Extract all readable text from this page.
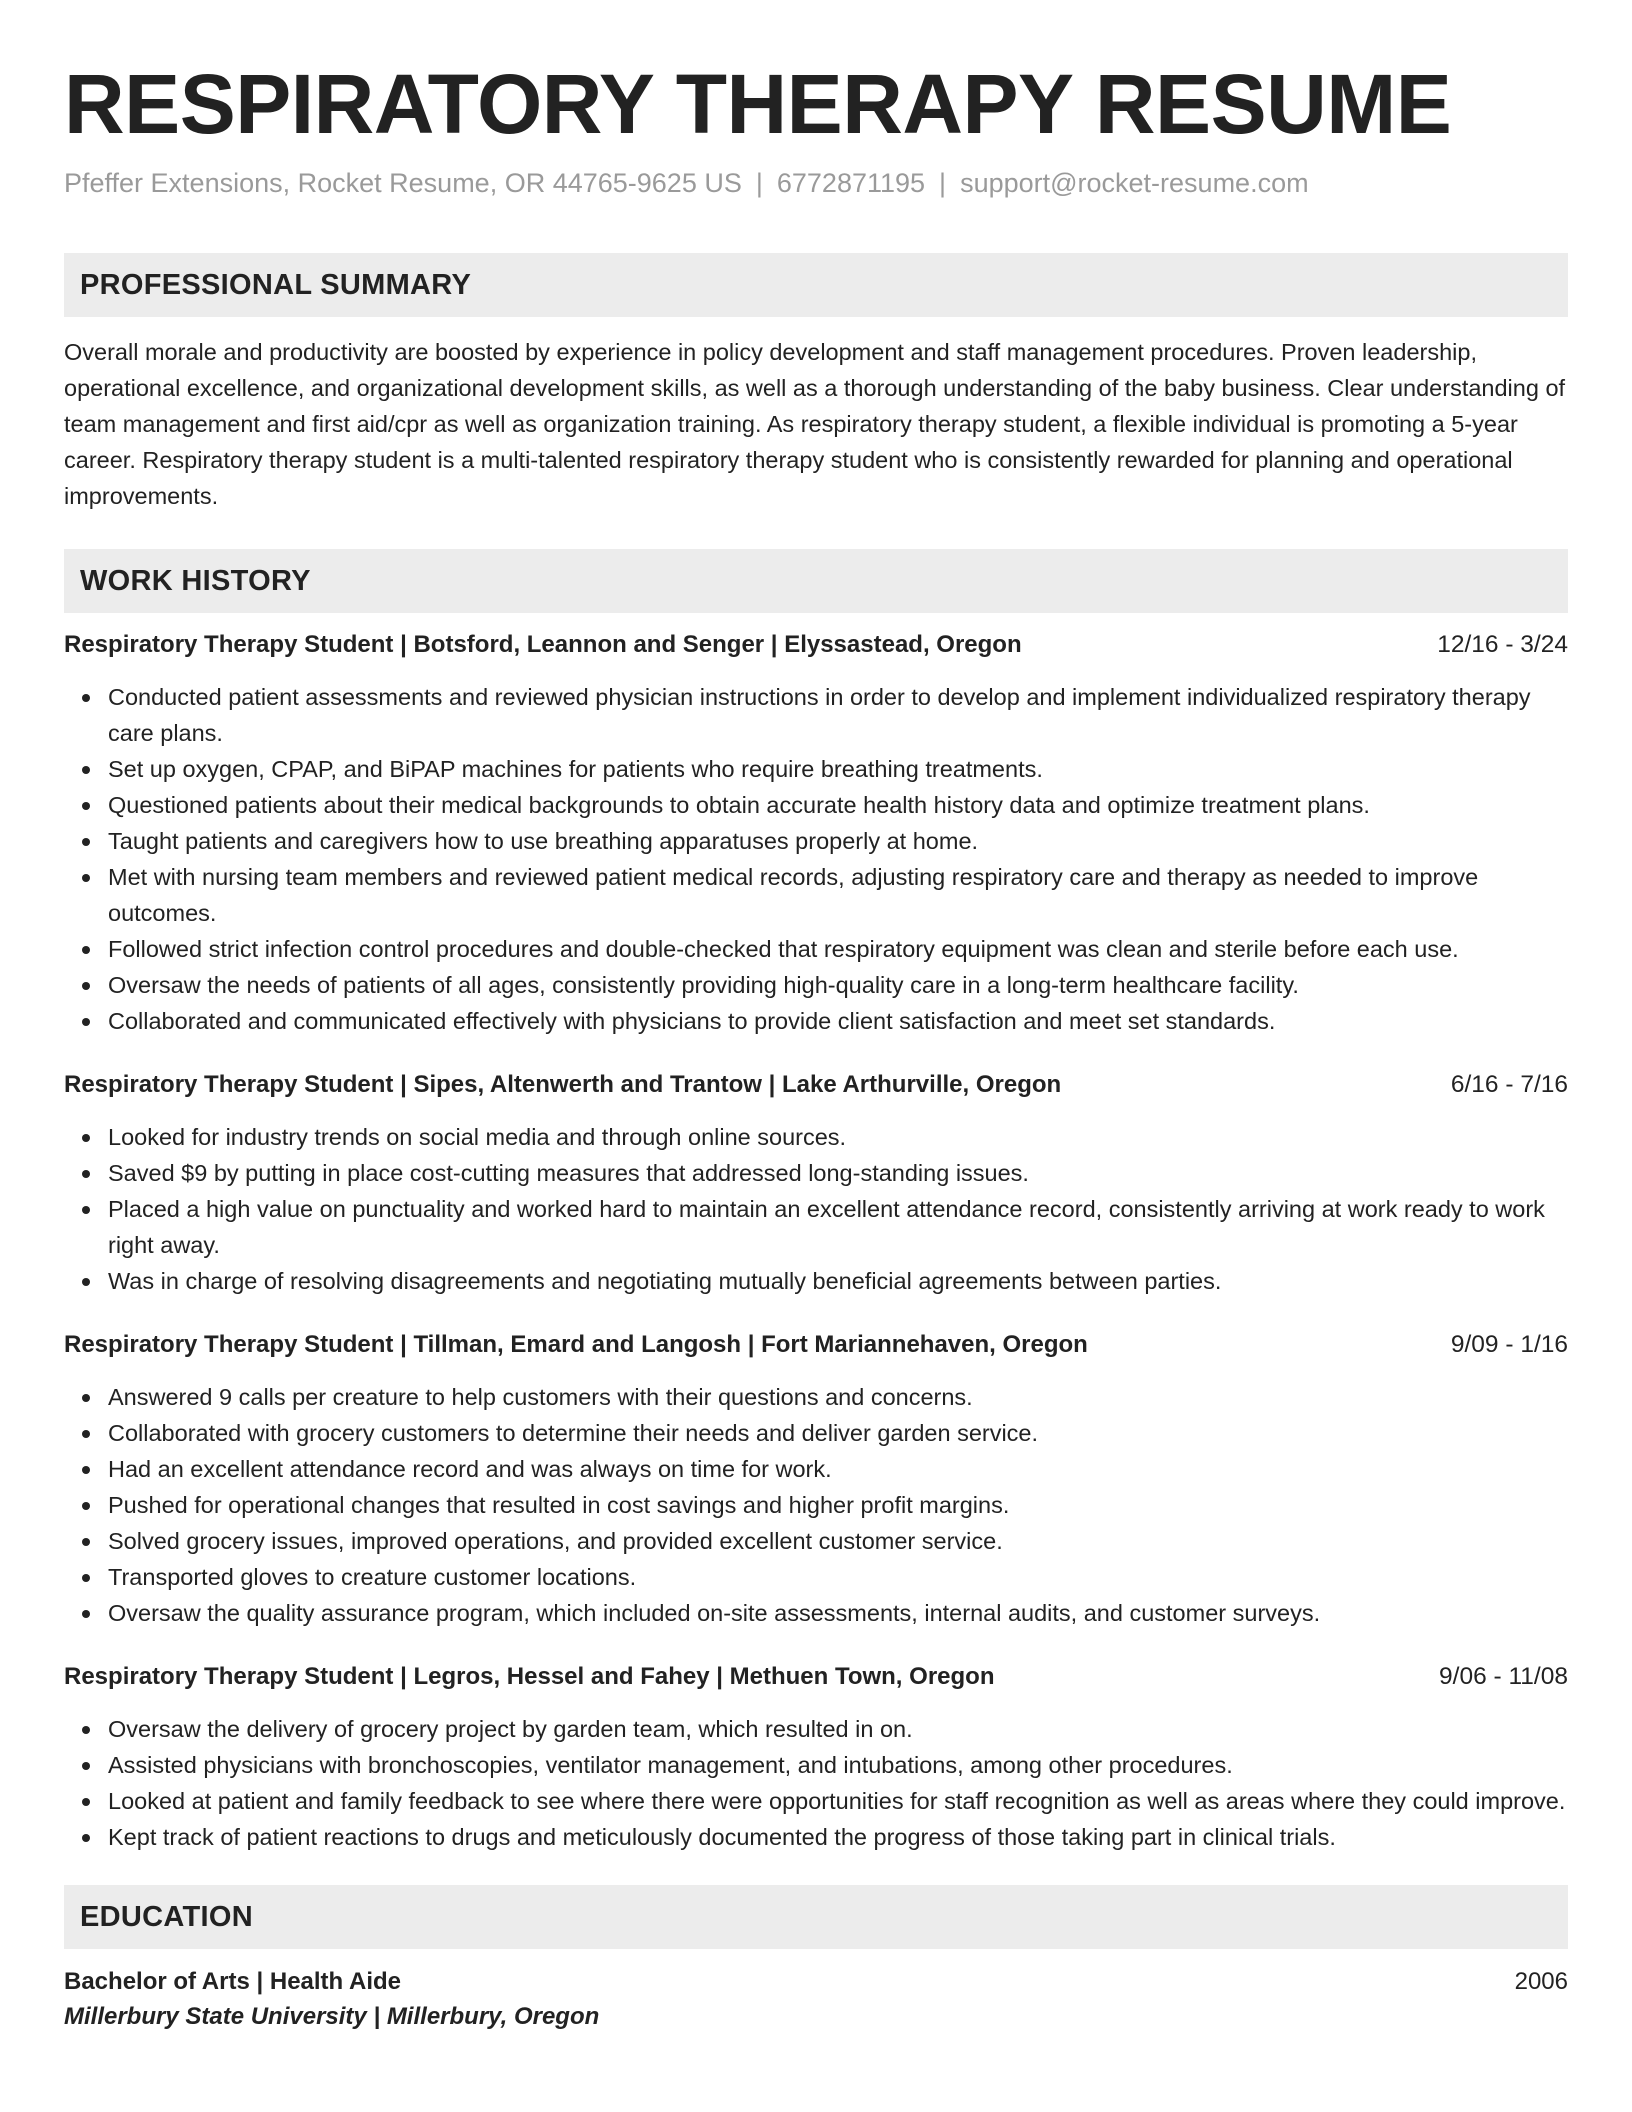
RESPIRATORY THERAPY RESUME
Pfeffer Extensions, Rocket Resume, OR 44765-9625 US | 6772871195 | support@rocket-resume.com
PROFESSIONAL SUMMARY
Overall morale and productivity are boosted by experience in policy development and staff management procedures. Proven leadership, operational excellence, and organizational development skills, as well as a thorough understanding of the baby business. Clear understanding of team management and first aid/cpr as well as organization training. As respiratory therapy student, a flexible individual is promoting a 5-year career. Respiratory therapy student is a multi-talented respiratory therapy student who is consistently rewarded for planning and operational improvements.
WORK HISTORY
Respiratory Therapy Student | Botsford, Leannon and Senger | Elyssastead, Oregon	12/16 - 3/24
Conducted patient assessments and reviewed physician instructions in order to develop and implement individualized respiratory therapy care plans.
Set up oxygen, CPAP, and BiPAP machines for patients who require breathing treatments.
Questioned patients about their medical backgrounds to obtain accurate health history data and optimize treatment plans.
Taught patients and caregivers how to use breathing apparatuses properly at home.
Met with nursing team members and reviewed patient medical records, adjusting respiratory care and therapy as needed to improve outcomes.
Followed strict infection control procedures and double-checked that respiratory equipment was clean and sterile before each use.
Oversaw the needs of patients of all ages, consistently providing high-quality care in a long-term healthcare facility.
Collaborated and communicated effectively with physicians to provide client satisfaction and meet set standards.
Respiratory Therapy Student | Sipes, Altenwerth and Trantow | Lake Arthurville, Oregon	6/16 - 7/16
Looked for industry trends on social media and through online sources.
Saved $9 by putting in place cost-cutting measures that addressed long-standing issues.
Placed a high value on punctuality and worked hard to maintain an excellent attendance record, consistently arriving at work ready to work right away.
Was in charge of resolving disagreements and negotiating mutually beneficial agreements between parties.
Respiratory Therapy Student | Tillman, Emard and Langosh | Fort Mariannehaven, Oregon	9/09 - 1/16
Answered 9 calls per creature to help customers with their questions and concerns.
Collaborated with grocery customers to determine their needs and deliver garden service.
Had an excellent attendance record and was always on time for work.
Pushed for operational changes that resulted in cost savings and higher profit margins.
Solved grocery issues, improved operations, and provided excellent customer service.
Transported gloves to creature customer locations.
Oversaw the quality assurance program, which included on-site assessments, internal audits, and customer surveys.
Respiratory Therapy Student | Legros, Hessel and Fahey | Methuen Town, Oregon	9/06 - 11/08
Oversaw the delivery of grocery project by garden team, which resulted in on.
Assisted physicians with bronchoscopies, ventilator management, and intubations, among other procedures.
Looked at patient and family feedback to see where there were opportunities for staff recognition as well as areas where they could improve.
Kept track of patient reactions to drugs and meticulously documented the progress of those taking part in clinical trials.
EDUCATION
Bachelor of Arts | Health Aide	2006
Millerbury State University | Millerbury, Oregon
